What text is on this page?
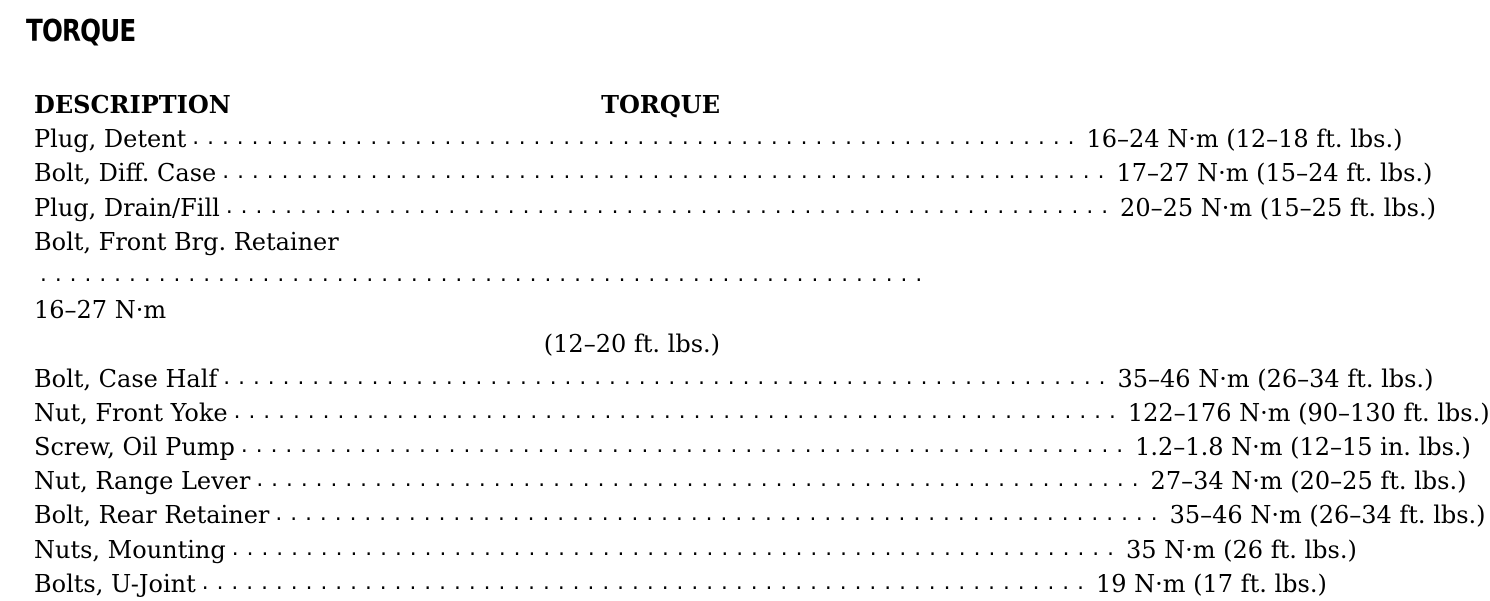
TORQUE
DESCRIPTION	TORQUE
Plug, Detent ............................................................ 16–24 N·m (12–18 ft. lbs.)
Bolt, Diff. Case ............................................................ 17–27 N·m (15–24 ft. lbs.)
Plug, Drain/Fill ............................................................ 20–25 N·m (15–25 ft. lbs.)
Bolt, Front Brg. Retainer
............................................................
16–27 N·m
(12–20 ft. lbs.)
Bolt, Case Half ............................................................ 35–46 N·m (26–34 ft. lbs.)
Nut, Front Yoke ............................................................ 122–176 N·m (90–130 ft. lbs.)
Screw, Oil Pump ............................................................ 1.2–1.8 N·m (12–15 in. lbs.)
Nut, Range Lever ............................................................ 27–34 N·m (20–25 ft. lbs.)
Bolt, Rear Retainer ............................................................ 35–46 N·m (26–34 ft. lbs.)
Nuts, Mounting ............................................................ 35 N·m (26 ft. lbs.)
Bolts, U-Joint ............................................................ 19 N·m (17 ft. lbs.)
